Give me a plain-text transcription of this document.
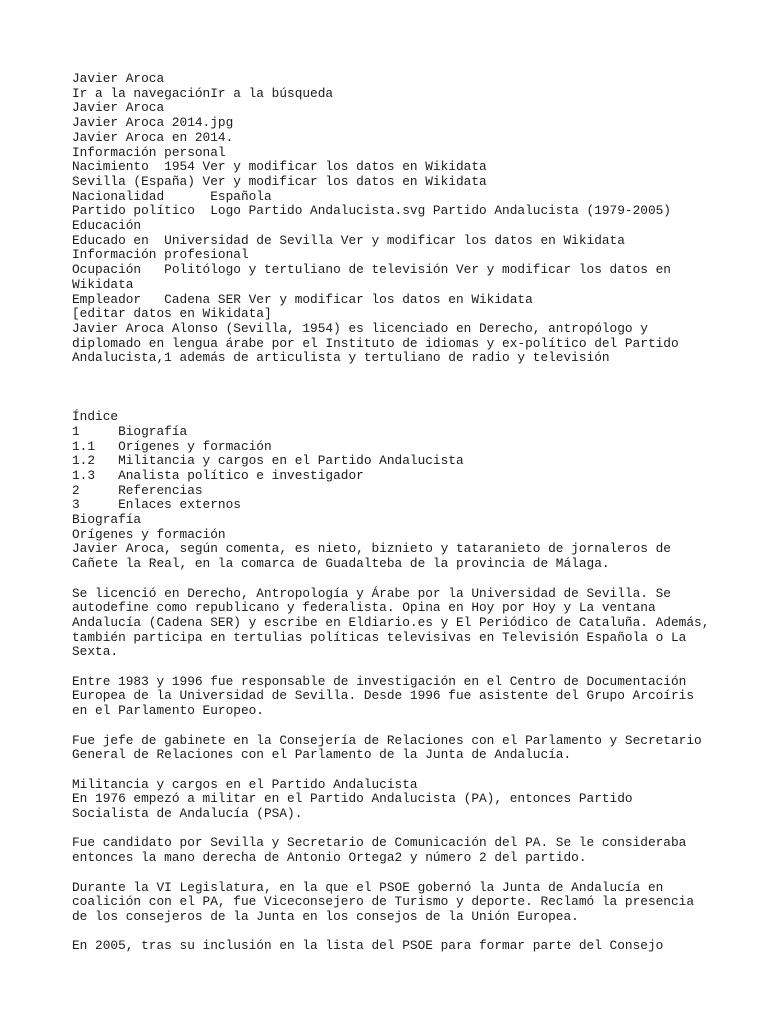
Javier Aroca
Ir a la navegaciónIr a la búsqueda
Javier Aroca
Javier Aroca 2014.jpg
Javier Aroca en 2014.
Información personal
Nacimiento  1954 Ver y modificar los datos en Wikidata
Sevilla (España) Ver y modificar los datos en Wikidata
Nacionalidad      Española
Partido político  Logo Partido Andalucista.svg Partido Andalucista (1979-2005)
Educación
Educado en  Universidad de Sevilla Ver y modificar los datos en Wikidata
Información profesional
Ocupación   Politólogo y tertuliano de televisión Ver y modificar los datos en
Wikidata
Empleador   Cadena SER Ver y modificar los datos en Wikidata
[editar datos en Wikidata]
Javier Aroca Alonso (Sevilla, 1954) es licenciado en Derecho, antropólogo y
diplomado en lengua árabe por el Instituto de idiomas y ex-político del Partido
Andalucista,1 además de articulista y tertuliano de radio y televisión
Índice
1     Biografía
1.1   Orígenes y formación
1.2   Militancia y cargos en el Partido Andalucista
1.3   Analista político e investigador
2     Referencias
3     Enlaces externos
Biografía
Orígenes y formación
Javier Aroca, según comenta, es nieto, biznieto y tataranieto de jornaleros de
Cañete la Real, en la comarca de Guadalteba de la provincia de Málaga.
Se licenció en Derecho, Antropología y Árabe por la Universidad de Sevilla. Se
autodefine como republicano y federalista. Opina en Hoy por Hoy y La ventana
Andalucía (Cadena SER) y escribe en Eldiario.es y El Periódico de Cataluña. Además,
también participa en tertulias políticas televisivas en Televisión Española o La
Sexta.
Entre 1983 y 1996 fue responsable de investigación en el Centro de Documentación
Europea de la Universidad de Sevilla. Desde 1996 fue asistente del Grupo Arcoíris
en el Parlamento Europeo.
Fue jefe de gabinete en la Consejería de Relaciones con el Parlamento y Secretario
General de Relaciones con el Parlamento de la Junta de Andalucía.
Militancia y cargos en el Partido Andalucista
En 1976 empezó a militar en el Partido Andalucista (PA), entonces Partido
Socialista de Andalucía (PSA).
Fue candidato por Sevilla y Secretario de Comunicación del PA. Se le consideraba
entonces la mano derecha de Antonio Ortega2 y número 2 del partido.
Durante la VI Legislatura, en la que el PSOE gobernó la Junta de Andalucía en
coalición con el PA, fue Viceconsejero de Turismo y deporte. Reclamó la presencia
de los consejeros de la Junta en los consejos de la Unión Europea.
En 2005, tras su inclusión en la lista del PSOE para formar parte del Consejo
